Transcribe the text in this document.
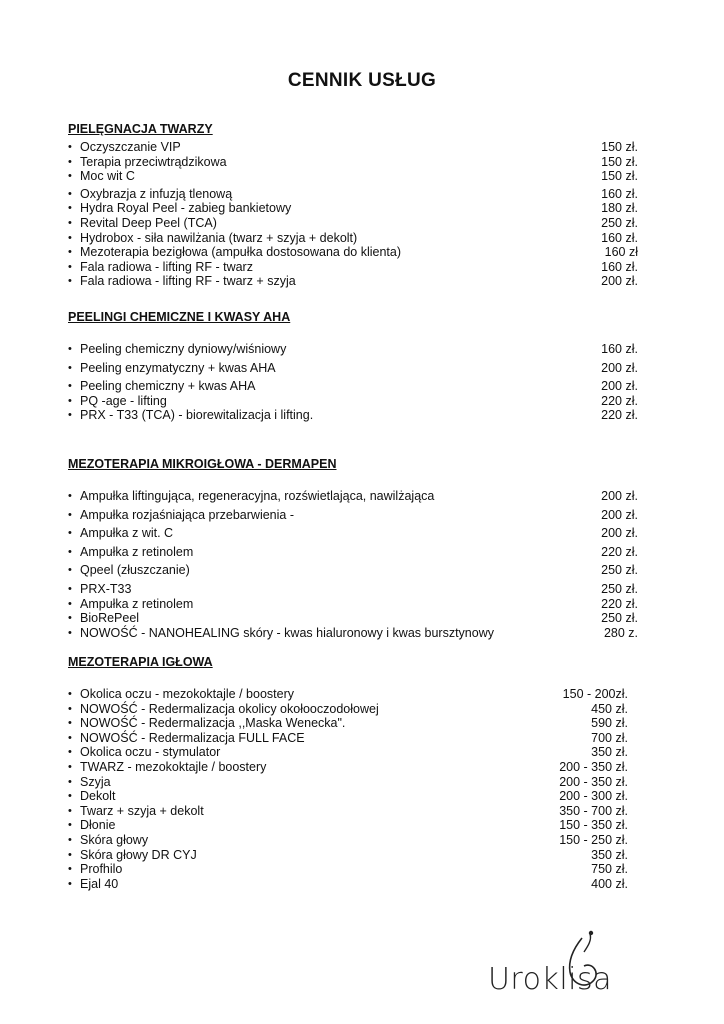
CENNIK USŁUG
PIELĘGNACJA TWARZY
• Oczyszczanie VIP	150 zł.
• Terapia przeciwtrądzikowa	150 zł.
• Moc wit C	150 zł.
• Oxybrazja z infuzją tlenową	160 zł.
• Hydra Royal Peel - zabieg bankietowy	180 zł.
• Revital Deep Peel (TCA)	250 zł.
• Hydrobox - siła nawilżania (twarz + szyja + dekolt)	160 zł.
• Mezoterapia bezigłowa (ampułka dostosowana do klienta)	160 zł
• Fala radiowa - lifting RF - twarz	160 zł.
• Fala radiowa - lifting RF - twarz + szyja	200 zł.
PEELINGI CHEMICZNE I KWASY AHA
• Peeling chemiczny dyniowy/wiśniowy	160 zł.
• Peeling enzymatyczny + kwas AHA	200 zł.
• Peeling chemiczny + kwas AHA	200 zł.
• PQ -age - lifting	220 zł.
• PRX - T33 (TCA) - biorewitalizacja i lifting.	220 zł.
MEZOTERAPIA MIKROIGŁOWA - DERMAPEN
• Ampułka liftingująca, regeneracyjna, rozświetlająca, nawilżająca	200 zł.
• Ampułka rozjaśniająca przebarwienia -	200 zł.
• Ampułka z wit. C	200 zł.
• Ampułka z retinolem	220 zł.
• Qpeel (złuszczanie)	250 zł.
• PRX-T33	250 zł.
• Ampułka z retinolem	220 zł.
• BioRePeel	250 zł.
• NOWOŚĆ - NANOHEALING skóry - kwas hialuronowy i kwas bursztynowy	280 z.
MEZOTERAPIA IGŁOWA
• Okolica oczu - mezokoktajle / boostery	150 - 200zł.
• NOWOŚĆ - Redermalizacja okolicy okołooczodołowej	450 zł.
• NOWOŚĆ - Redermalizacja ,,Maska Wenecka".	590 zł.
• NOWOŚĆ - Redermalizacja FULL FACE	700 zł.
• Okolica oczu - stymulator	350 zł.
• TWARZ - mezokoktajle / boostery	200 - 350 zł.
• Szyja	200 - 350 zł.
• Dekolt	200 - 300 zł.
• Twarz + szyja + dekolt	350 - 700 zł.
• Dłonie	150 - 350 zł.
• Skóra głowy	150 - 250 zł.
• Skóra głowy DR CYJ	350 zł.
• Profhilo	750 zł.
• Ejal 40	400 zł.
Uroklisa
